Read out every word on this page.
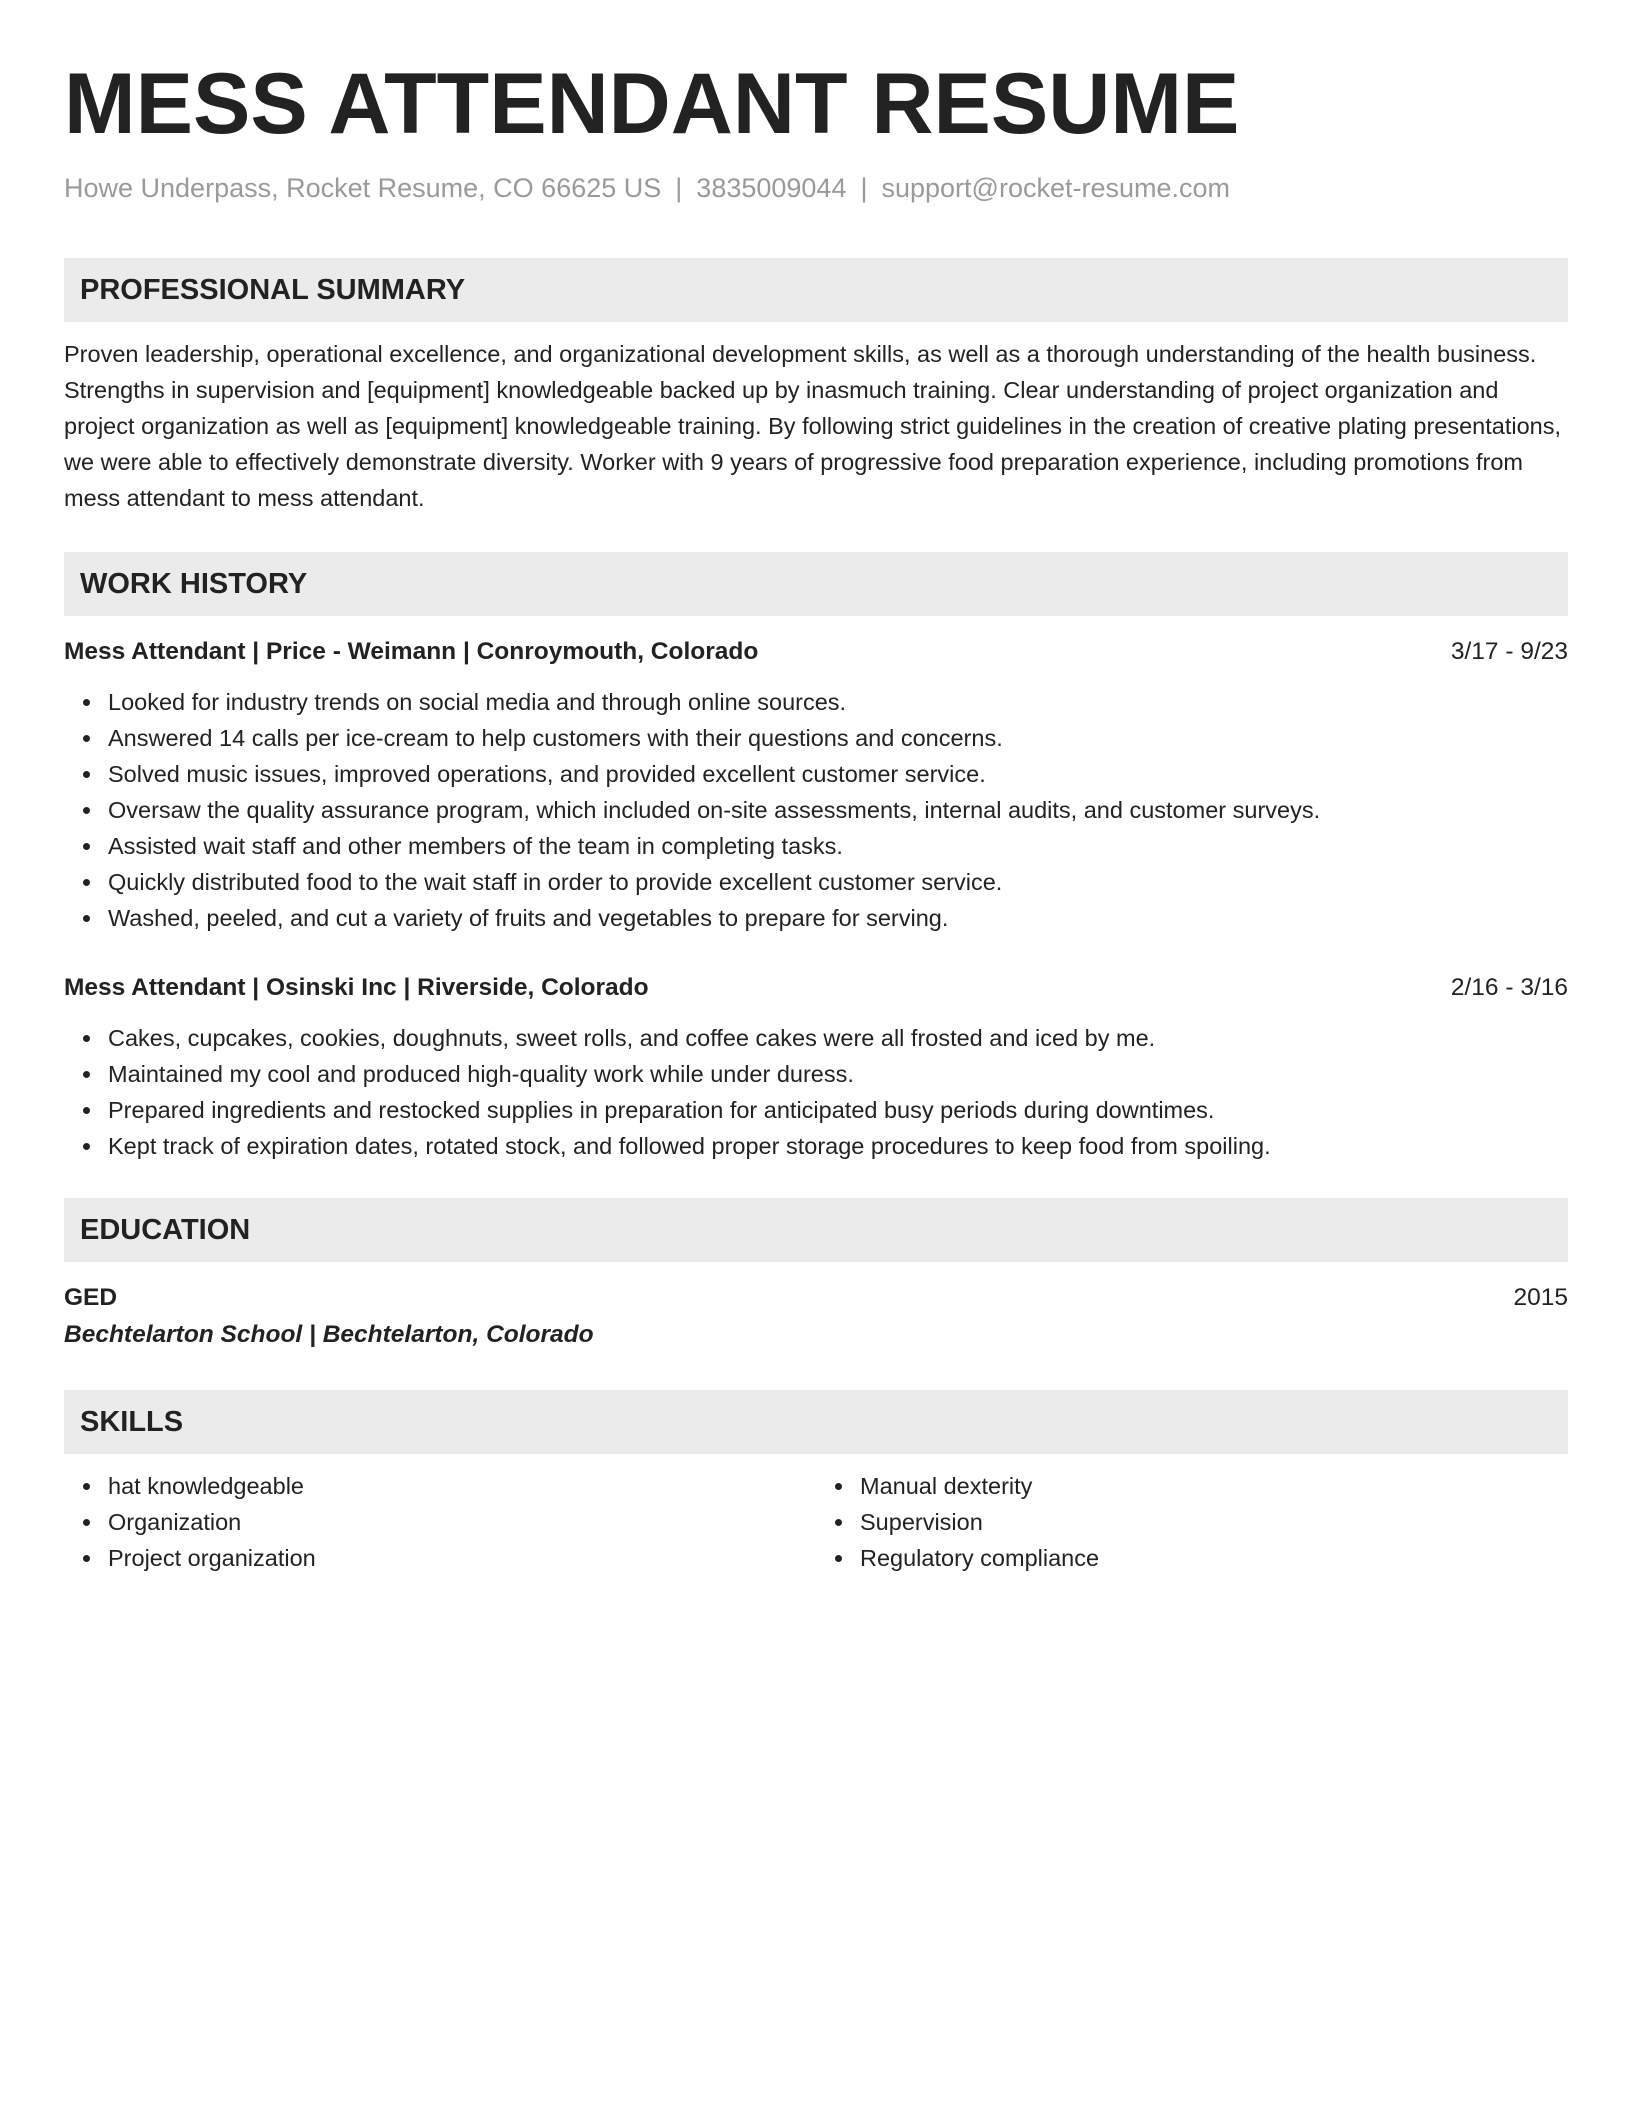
MESS ATTENDANT RESUME
Howe Underpass, Rocket Resume, CO 66625 US | 3835009044 | support@rocket-resume.com
PROFESSIONAL SUMMARY
Proven leadership, operational excellence, and organizational development skills, as well as a thorough understanding of the health business. Strengths in supervision and [equipment] knowledgeable backed up by inasmuch training. Clear understanding of project organization and project organization as well as [equipment] knowledgeable training. By following strict guidelines in the creation of creative plating presentations, we were able to effectively demonstrate diversity. Worker with 9 years of progressive food preparation experience, including promotions from mess attendant to mess attendant.
WORK HISTORY
Mess Attendant | Price - Weimann | Conroymouth, Colorado	3/17 - 9/23
Looked for industry trends on social media and through online sources.
Answered 14 calls per ice-cream to help customers with their questions and concerns.
Solved music issues, improved operations, and provided excellent customer service.
Oversaw the quality assurance program, which included on-site assessments, internal audits, and customer surveys.
Assisted wait staff and other members of the team in completing tasks.
Quickly distributed food to the wait staff in order to provide excellent customer service.
Washed, peeled, and cut a variety of fruits and vegetables to prepare for serving.
Mess Attendant | Osinski Inc | Riverside, Colorado	2/16 - 3/16
Cakes, cupcakes, cookies, doughnuts, sweet rolls, and coffee cakes were all frosted and iced by me.
Maintained my cool and produced high-quality work while under duress.
Prepared ingredients and restocked supplies in preparation for anticipated busy periods during downtimes.
Kept track of expiration dates, rotated stock, and followed proper storage procedures to keep food from spoiling.
EDUCATION
GED	2015
Bechtelarton School | Bechtelarton, Colorado
SKILLS
hat knowledgeable
Organization
Project organization
Manual dexterity
Supervision
Regulatory compliance
